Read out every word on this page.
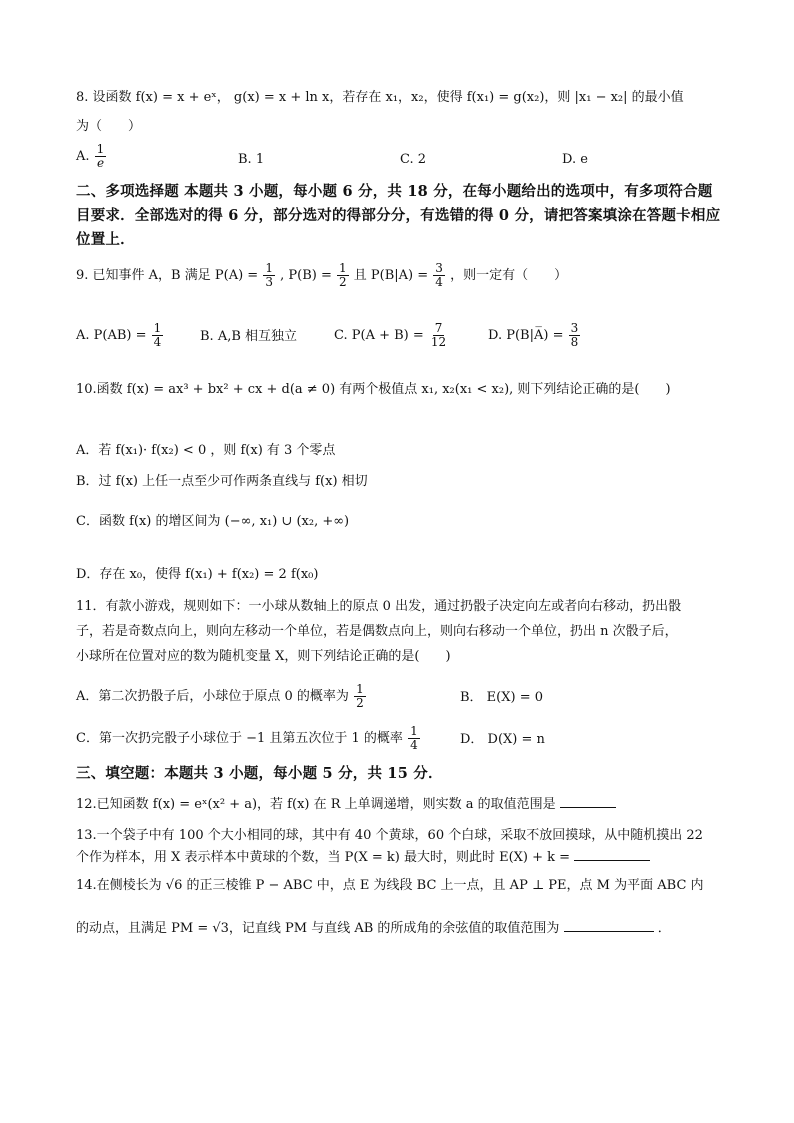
8. 设函数 f(x) = x + eˣ， g(x) = x + ln x，若存在 x₁，x₂，使得 f(x₁) = g(x₂)，则 |x₁ − x₂| 的最小值
为（　　）
A. $\frac{1}{e}$	B. 1	C. 2	D. e
二、多项选择题 本题共 3 小题，每小题 6 分，共 18 分，在每小题给出的选项中，有多项符合题目要求．全部选对的得 6 分，部分选对的得部分分，有选错的得 0 分，请把答案填涂在答题卡相应位置上．
9. 已知事件 A，B 满足 $P(A) = \frac{1}{3}$ , $P(B) = \frac{1}{2}$ 且 $P(B|A) = \frac{3}{4}$ ，则一定有（　　）
A. $P(AB) = \frac{1}{4}$	B. A,B 相互独立	C. $P(A + B) = \frac{7}{12}$	D. P(B|A̅) = $\frac{3}{8}$
10.函数 f(x) = ax³ + bx² + cx + d(a ≠ 0) 有两个极值点 x₁, x₂(x₁ < x₂), 则下列结论正确的是(　　)
A．若 f(x₁)· f(x₂) < 0 ，则 f(x) 有 3 个零点
B．过 f(x) 上任一点至少可作两条直线与 f(x) 相切
C．函数 f(x) 的增区间为 (−∞, x₁) ∪ (x₂, +∞)
D．存在 x₀，使得 f(x₁) + f(x₂) = 2 f(x₀)
11．有款小游戏，规则如下：一小球从数轴上的原点 0 出发，通过扔骰子决定向左或者向右移动，扔出骰
子，若是奇数点向上，则向左移动一个单位，若是偶数点向上，则向右移动一个单位，扔出 n 次骰子后，
小球所在位置对应的数为随机变量 X，则下列结论正确的是(　　)
A．第二次扔骰子后，小球位于原点 0 的概率为 $\frac{1}{2}$	B． E(X) = 0
C．第一次扔完骰子小球位于 −1 且第五次位于 1 的概率 $\frac{1}{4}$	D． D(X) = n
三、填空题：本题共 3 小题，每小题 5 分，共 15 分．
12.已知函数 f(x) = eˣ(x² + a)，若 f(x) 在 R 上单调递增，则实数 a 的取值范围是
13.一个袋子中有 100 个大小相同的球，其中有 40 个黄球，60 个白球，采取不放回摸球，从中随机摸出 22
个作为样本，用 X 表示样本中黄球的个数，当 P(X = k) 最大时，则此时 E(X) + k =
14.在侧棱长为 √6 的正三棱锥 P − ABC 中，点 E 为线段 BC 上一点，且 AP ⊥ PE，点 M 为平面 ABC 内
的动点，且满足 PM = √3，记直线 PM 与直线 AB 的所成角的余弦值的取值范围为	．
